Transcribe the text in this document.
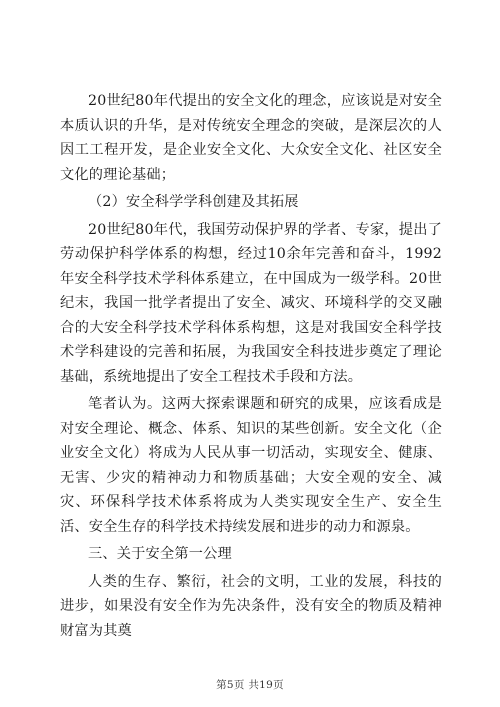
20世纪80年代提出的安全文化的理念，应该说是对安全本质认识的升华，是对传统安全理念的突破，是深层次的人因工工程开发，是企业安全文化、大众安全文化、社区安全文化的理论基础；

（2）安全科学学科创建及其拓展

20世纪80年代，我国劳动保护界的学者、专家，提出了劳动保护科学体系的构想，经过10余年完善和奋斗，1992年安全科学技术学科体系建立，在中国成为一级学科。20世纪末，我国一批学者提出了安全、减灾、环境科学的交叉融合的大安全科学技术学科体系构想，这是对我国安全科学技术学科建设的完善和拓展，为我国安全科技进步奠定了理论基础，系统地提出了安全工程技术手段和方法。

笔者认为。这两大探索课题和研究的成果，应该看成是对安全理论、概念、体系、知识的某些创新。安全文化（企业安全文化）将成为人民从事一切活动，实现安全、健康、无害、少灾的精神动力和物质基础；大安全观的安全、减灾、环保科学技术体系将成为人类实现安全生产、安全生活、安全生存的科学技术持续发展和进步的动力和源泉。

三、关于安全第一公理

人类的生存、繁衍，社会的文明，工业的发展，科技的进步，如果没有安全作为先决条件，没有安全的物质及精神财富为其奠

第5页 共19页
